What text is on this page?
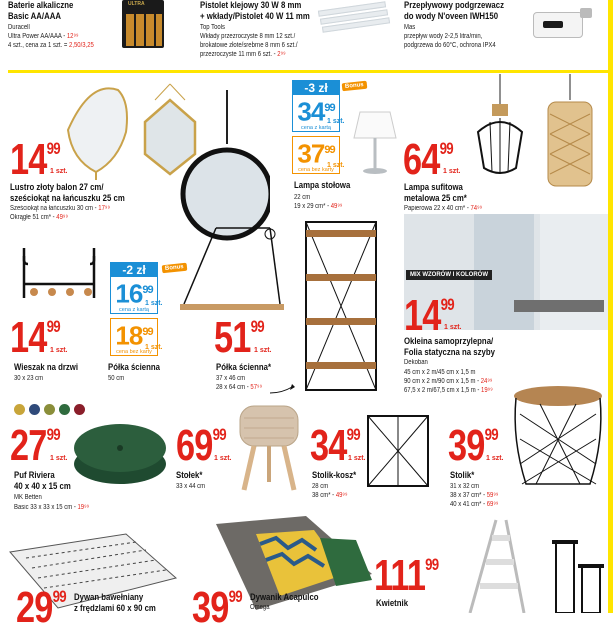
ULTRA
Baterie alkaliczne
Basic AA/AAA
Duracell
Ultra Power AA/AAA - 12⁹⁹
4 szt., cena za 1 szt. = 2,50/3,25
Pistolet klejowy 30 W 8 mm
+ wkłady/Pistolet 40 W 11 mm
Top Tools
Wkłady przezroczyste 8 mm 12 szt./
brokatowe złote/srebrne 8 mm 6 szt./
przezroczyste 11 mm 6 szt. - 2⁹⁹
Przepływowy podgrzewacz
do wody N'oveen IWH150
Mas
przepływ wody 2-2,5 litra/min,
podgrzewa do 60°C, ochrona IPX4
1499
1 szt.
Lustro złoty balon 27 cm/
sześciokąt na łańcuszku 25 cm
Sześciokąt na łańcuszku 30 cm - 17⁹⁹
Okrągłe 51 cm* - 49⁹⁹
-3 zł
$34^{99}$
cena z kartą
1 szt.
Bonus
$37^{99}$
cena bez karty
1 szt.
Lampa stołowa
22 cm
19 x 29 cm* - 49⁹⁹
6499
1 szt.
Lampa sufitowa
metalowa 25 cm*
Papierowa 22 x 40 cm* - 74⁹⁹
1499
1 szt.
Wieszak na drzwi
30 x 23 cm
-2 zł
$16^{99}$
cena z kartą
1 szt.
Bonus
$18^{99}$
cena bez karty
1 szt.
Półka ścienna
50 cm
5199
1 szt.
Półka ścienna*
37 x 46 cm
28 x 64 cm - 57⁹⁹
MIX WZORÓW I KOLORÓW
1499
1 szt.
Okleina samoprzylepna/
Folia statyczna na szyby
Dekoban
45 cm x 2 m/45 cm x 1,5 m
90 cm x 2 m/90 cm x 1,5 m - 24⁹⁹
67,5 x 2 m/67,5 cm x 1,5 m - 19⁹⁹
2799
1 szt.
Puf Riviera
40 x 40 x 15 cm
MK Betten
Basic 33 x 33 x 15 cm - 19⁹⁹
6999
1 szt.
Stołek*
33 x 44 cm
3499
1 szt.
Stolik-kosz*
28 cm
38 cm* - 49⁹⁹
3999
1 szt.
Stolik*
31 x 32 cm
38 x 37 cm* - 59⁹⁹
40 x 41 cm* - 69⁹⁹
2999 Dywan bawełniany
z frędzlami 60 x 90 cm 3999 Dywanik Acapulco
Omega
11199
Kwietnik
